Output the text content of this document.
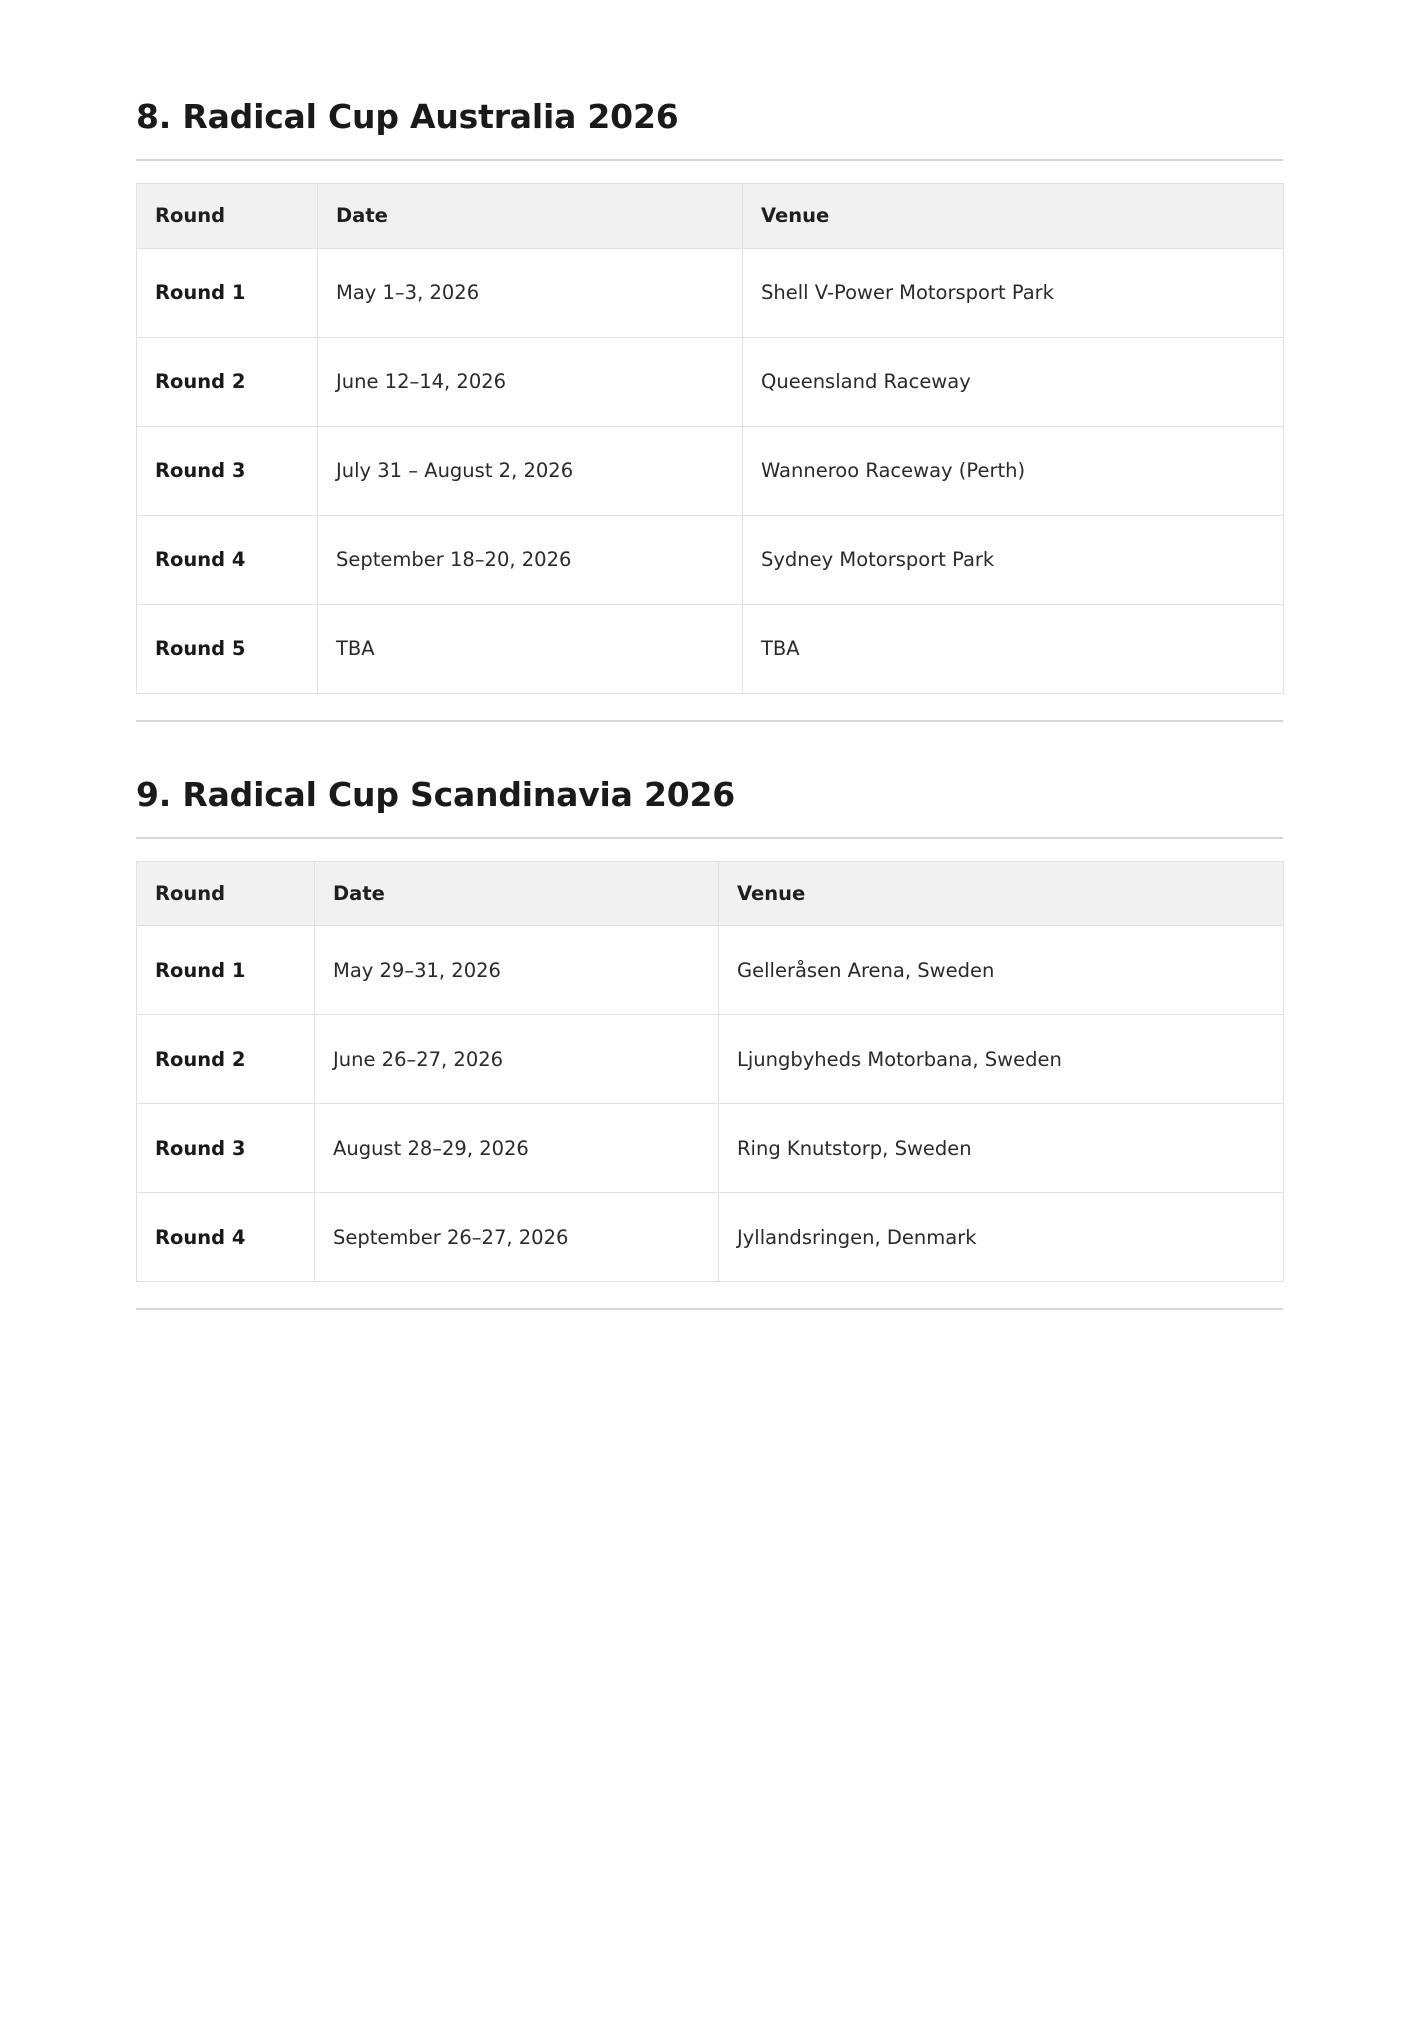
8. Radical Cup Australia 2026
Round	Date	Venue
Round 1	May 1–3, 2026	Shell V-Power Motorsport Park
Round 2	June 12–14, 2026	Queensland Raceway
Round 3	July 31 – August 2, 2026	Wanneroo Raceway (Perth)
Round 4	September 18–20, 2026	Sydney Motorsport Park
Round 5	TBA	TBA
9. Radical Cup Scandinavia 2026
Round	Date	Venue
Round 1	May 29–31, 2026	Gelleråsen Arena, Sweden
Round 2	June 26–27, 2026	Ljungbyheds Motorbana, Sweden
Round 3	August 28–29, 2026	Ring Knutstorp, Sweden
Round 4	September 26–27, 2026	Jyllandsringen, Denmark
